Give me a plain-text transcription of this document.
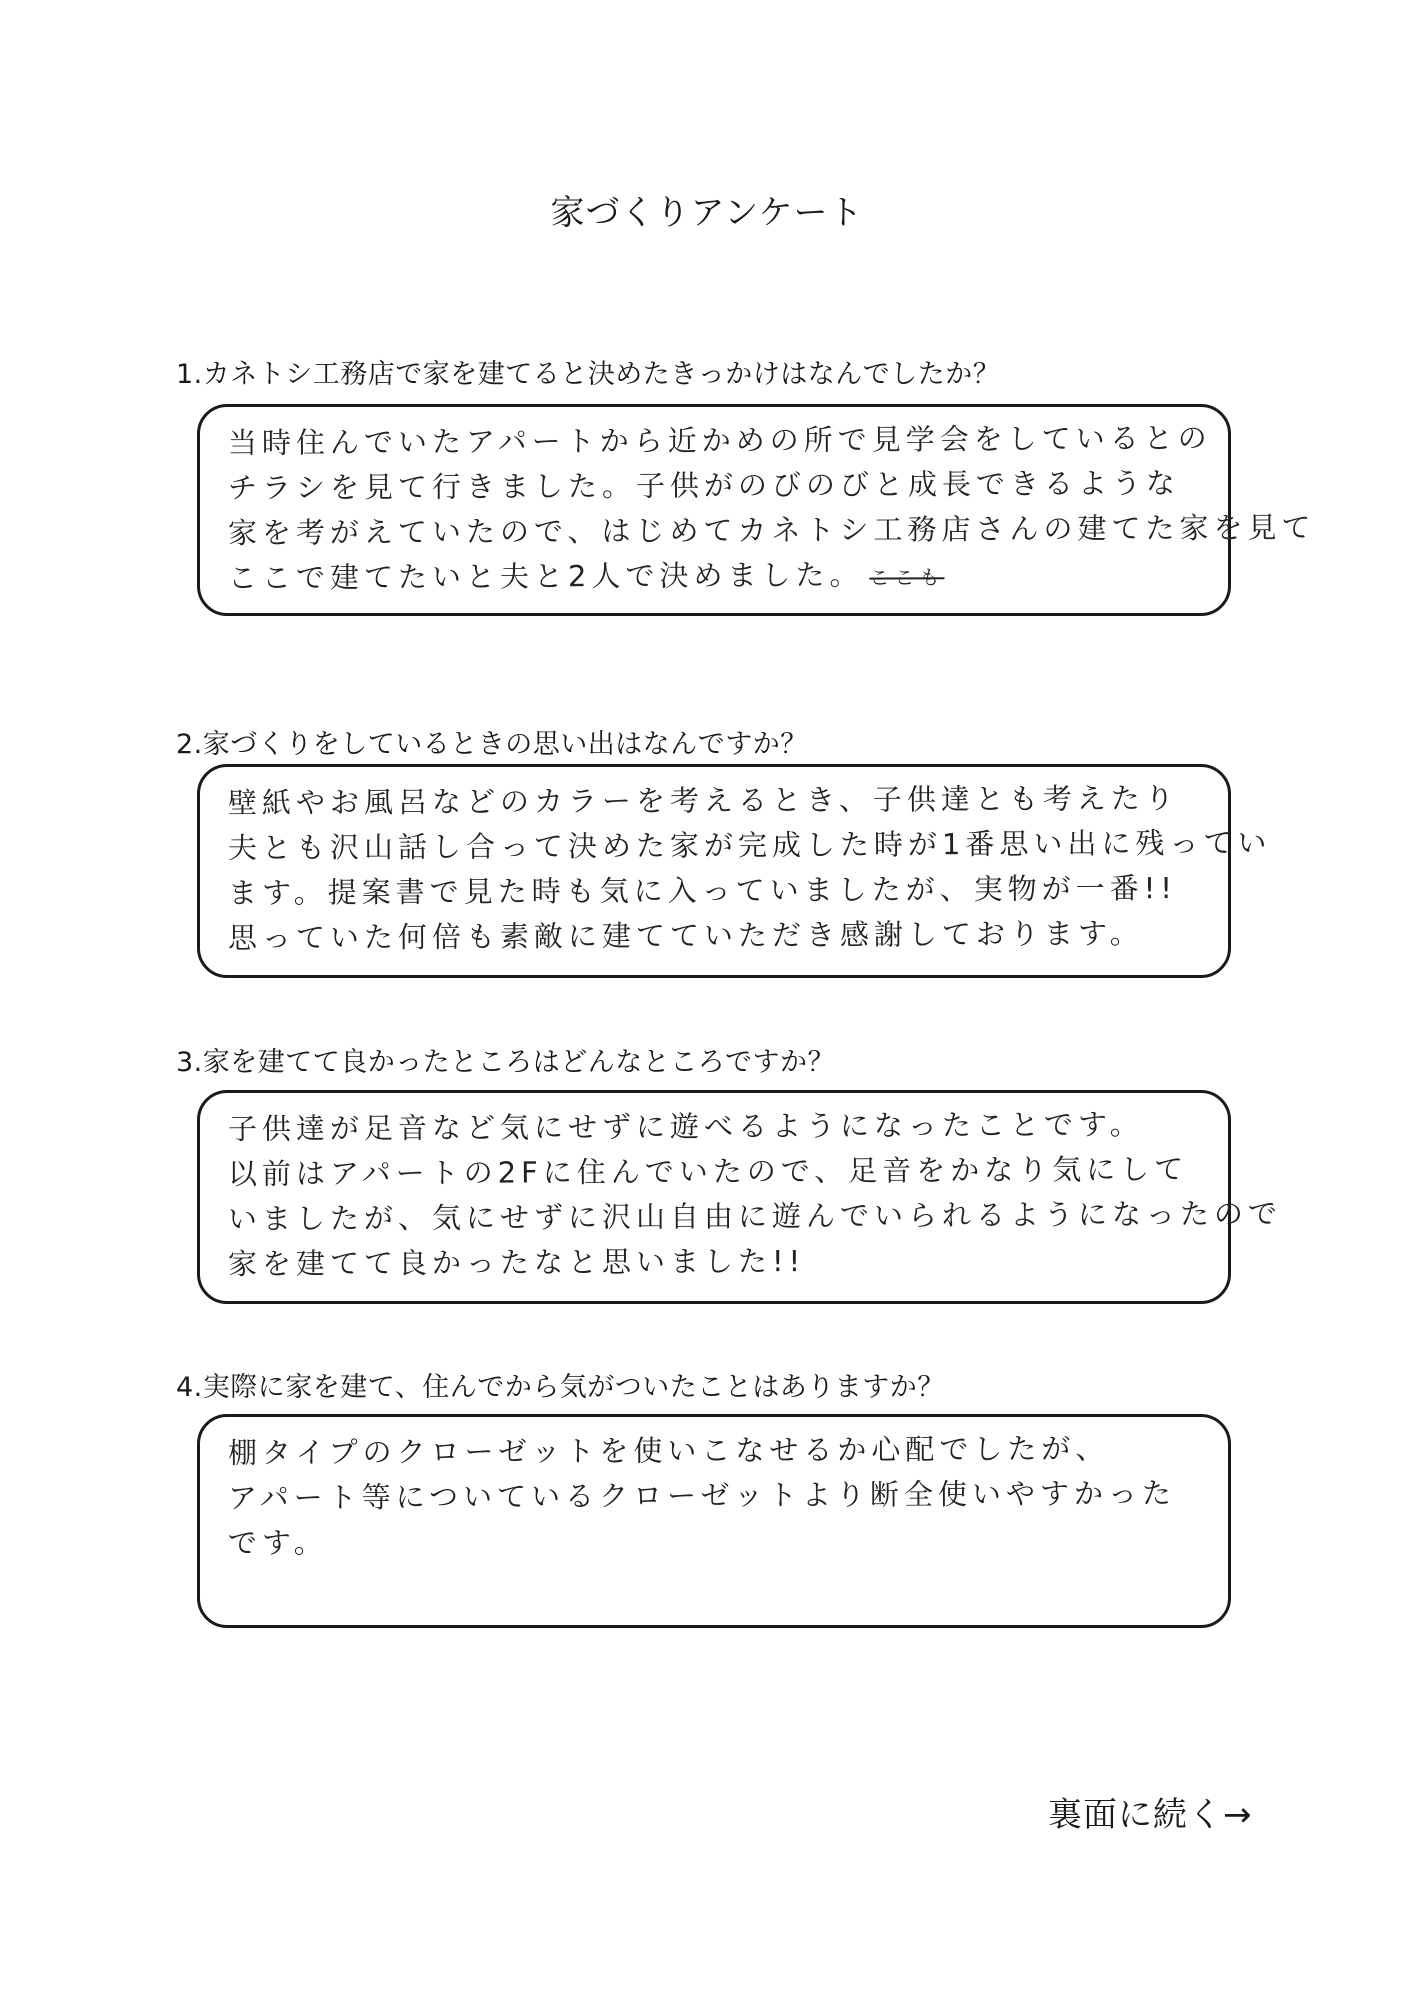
家づくりアンケート
1.カネトシ工務店で家を建てると決めたきっかけはなんでしたか？
当時住んでいたアパートから近かめの所で見学会をしているとの
チラシを見て行きました。子供がのびのびと成長できるような
家を考がえていたので、はじめてカネトシ工務店さんの建てた家を見て
ここで建てたいと夫と2人で決めました。 ここも
2.家づくりをしているときの思い出はなんですか？
壁紙やお風呂などのカラーを考えるとき、子供達とも考えたり
夫とも沢山話し合って決めた家が完成した時が1番思い出に残ってい
ます。提案書で見た時も気に入っていましたが、実物が一番!!
思っていた何倍も素敵に建てていただき感謝しております。
3.家を建てて良かったところはどんなところですか？
子供達が足音など気にせずに遊べるようになったことです。
以前はアパートの2Fに住んでいたので、足音をかなり気にして
いましたが、気にせずに沢山自由に遊んでいられるようになったので
家を建てて良かったなと思いました!!
4.実際に家を建て、住んでから気がついたことはありますか？
棚タイプのクローゼットを使いこなせるか心配でしたが、
アパート等についているクローゼットより断全使いやすかった
です。
裏面に続く→
